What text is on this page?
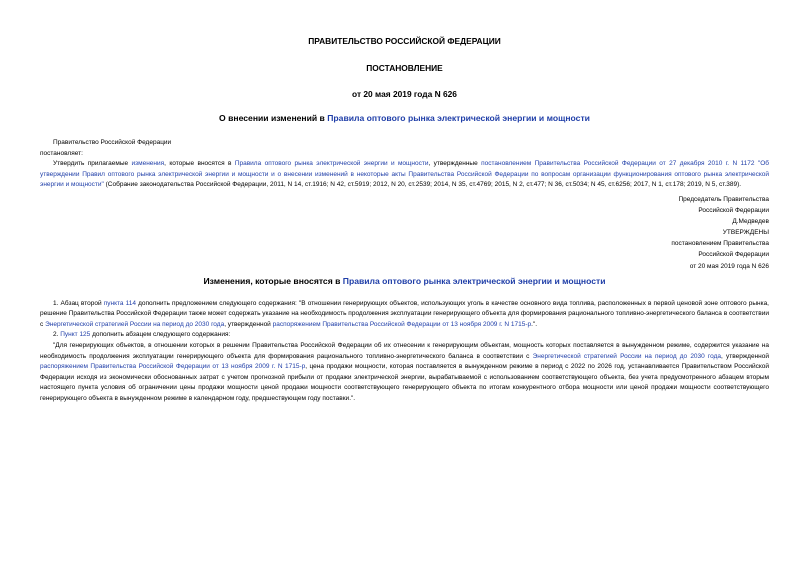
ПРАВИТЕЛЬСТВО РОССИЙСКОЙ ФЕДЕРАЦИИ
ПОСТАНОВЛЕНИЕ
от 20 мая 2019 года N 626
О внесении изменений в Правила оптового рынка электрической энергии и мощности
Правительство Российской Федерации
постановляет:
Утвердить прилагаемые изменения, которые вносятся в Правила оптового рынка электрической энергии и мощности, утвержденные постановлением Правительства Российской Федерации от 27 декабря 2010 г. N 1172 "Об утверждении Правил оптового рынка электрической энергии и мощности и о внесении изменений в некоторые акты Правительства Российской Федерации по вопросам организации функционирования оптового рынка электрической энергии и мощности" (Собрание законодательства Российской Федерации, 2011, N 14, ст.1916; N 42, ст.5919; 2012, N 20, ст.2539; 2014, N 35, ст.4769; 2015, N 2, ст.477; N 36, ст.5034; N 45, ст.6256; 2017, N 1, ст.178; 2019, N 5, ст.389).
Председатель Правительства
Российской Федерации
Д.Медведев
УТВЕРЖДЕНЫ
постановлением Правительства
Российской Федерации
от 20 мая 2019 года N 626
Изменения, которые вносятся в Правила оптового рынка электрической энергии и мощности
1. Абзац второй пункта 114 дополнить предложением следующего содержания: "В отношении генерирующих объектов, использующих уголь в качестве основного вида топлива, расположенных в первой ценовой зоне оптового рынка, решение Правительства Российской Федерации также может содержать указание на необходимость продолжения эксплуатации генерирующего объекта для формирования рационального топливно-энергетического баланса в соответствии с Энергетической стратегией России на период до 2030 года, утвержденной распоряжением Правительства Российской Федерации от 13 ноября 2009 г. N 1715-р.".
2. Пункт 125 дополнить абзацем следующего содержания:
"Для генерирующих объектов, в отношении которых в решении Правительства Российской Федерации об их отнесении к генерирующим объектам, мощность которых поставляется в вынужденном режиме, содержится указание на необходимость продолжения эксплуатации генерирующего объекта для формирования рационального топливно-энергетического баланса в соответствии с Энергетической стратегией России на период до 2030 года, утвержденной распоряжением Правительства Российской Федерации от 13 ноября 2009 г. N 1715-р, цена продажи мощности, которая поставляется в вынужденном режиме в период с 2022 по 2026 год, устанавливается Правительством Российской Федерации исходя из экономически обоснованных затрат с учетом прогнозной прибыли от продажи электрической энергии, вырабатываемой с использованием соответствующего объекта, без учета предусмотренного абзацем вторым настоящего пункта условия об ограничении цены продажи мощности ценой продажи мощности соответствующего генерирующего объекта по итогам конкурентного отбора мощности или ценой продажи мощности соответствующего генерирующего объекта в вынужденном режиме в календарном году, предшествующем году поставки.".
